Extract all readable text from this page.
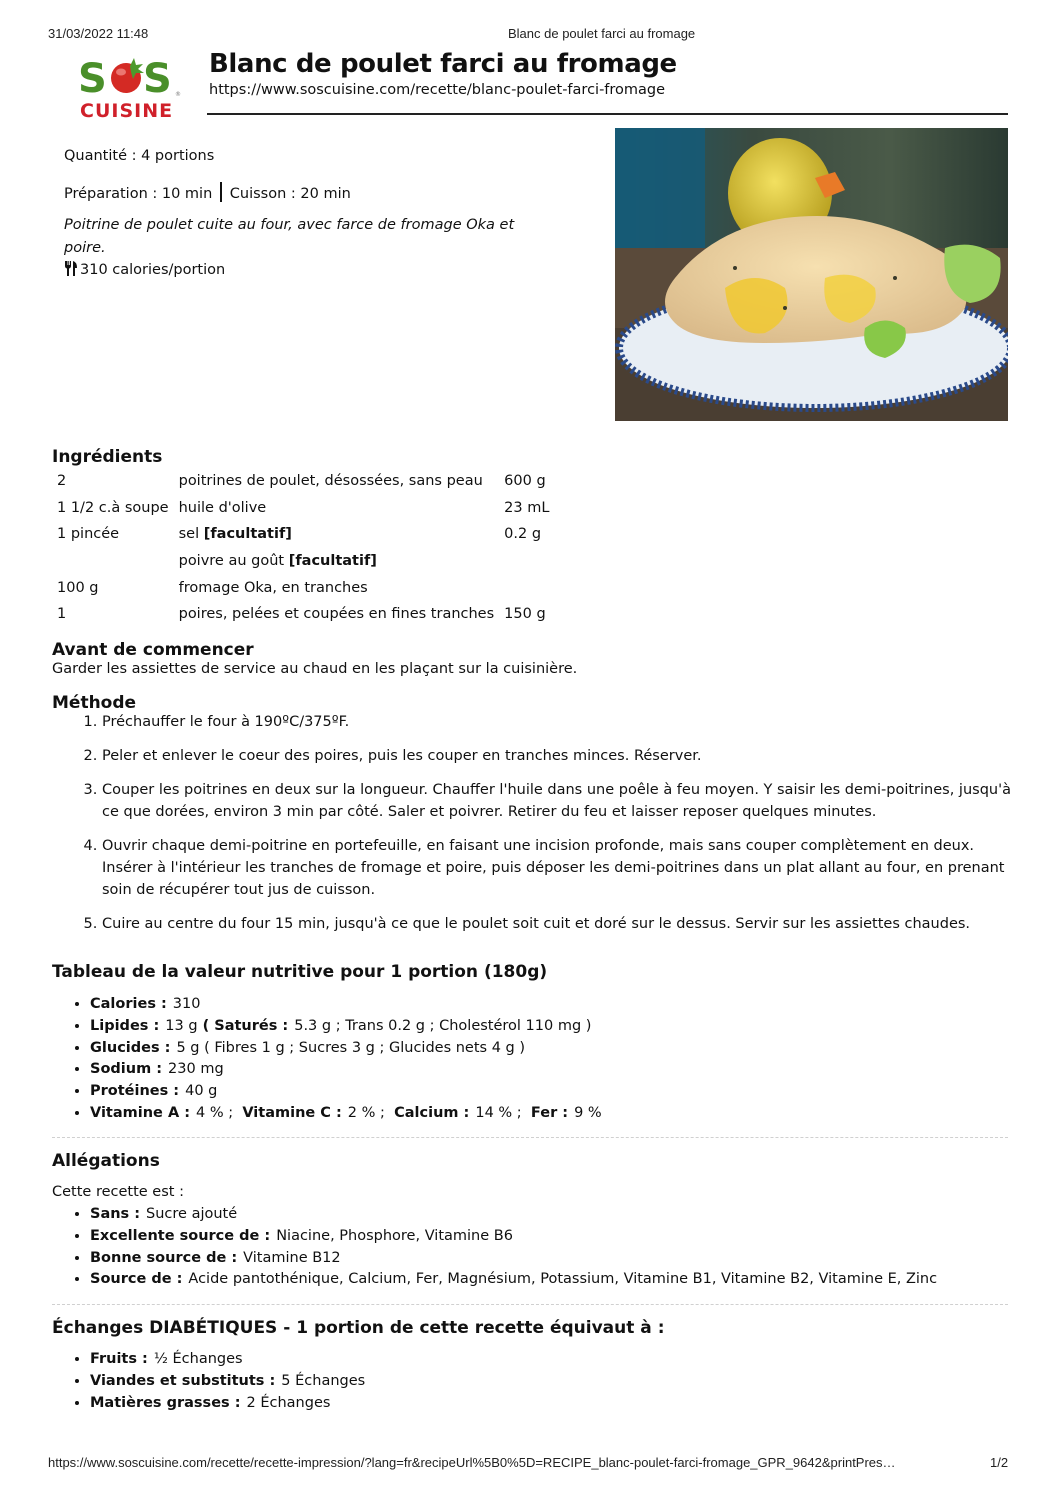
31/03/2022 11:48	Blanc de poulet farci au fromage
S S ®
CUISINE
Blanc de poulet farci au fromage
https://www.soscuisine.com/recette/blanc-poulet-farci-fromage
Quantité : 4 portions
Préparation : 10 min Cuisson : 20 min
Poitrine de poulet cuite au four, avec farce de fromage Oka et poire.
310 calories/portion
Ingrédients
2	poitrines de poulet, désossées, sans peau	600 g
1 1/2 c.à soupe	huile d'olive	23 mL
1 pincée	sel [facultatif]	0.2 g
	poivre au goût [facultatif]	
100 g	fromage Oka, en tranches	
1	poires, pelées et coupées en fines tranches	150 g
Avant de commencer
Garder les assiettes de service au chaud en les plaçant sur la cuisinière.
Méthode
1. Préchauffer le four à 190ºC/375ºF.
2. Peler et enlever le coeur des poires, puis les couper en tranches minces. Réserver.
3. Couper les poitrines en deux sur la longueur. Chauffer l'huile dans une poêle à feu moyen. Y saisir les demi-poitrines, jusqu'à ce que dorées, environ 3 min par côté. Saler et poivrer. Retirer du feu et laisser reposer quelques minutes.
4. Ouvrir chaque demi-poitrine en portefeuille, en faisant une incision profonde, mais sans couper complètement en deux. Insérer à l'intérieur les tranches de fromage et poire, puis déposer les demi-poitrines dans un plat allant au four, en prenant soin de récupérer tout jus de cuisson.
5. Cuire au centre du four 15 min, jusqu'à ce que le poulet soit cuit et doré sur le dessus. Servir sur les assiettes chaudes.
Tableau de la valeur nutritive pour 1 portion (180g)
• Calories : 310
• Lipides : 13 g ( Saturés : 5.3 g ; Trans 0.2 g ; Cholestérol 110 mg )
• Glucides : 5 g ( Fibres 1 g ; Sucres 3 g ; Glucides nets 4 g )
• Sodium : 230 mg
• Protéines : 40 g
• Vitamine A : 4 % ; Vitamine C : 2 % ; Calcium : 14 % ; Fer : 9 %
Allégations
Cette recette est :
• Sans : Sucre ajouté
• Excellente source de : Niacine, Phosphore, Vitamine B6
• Bonne source de : Vitamine B12
• Source de : Acide pantothénique, Calcium, Fer, Magnésium, Potassium, Vitamine B1, Vitamine B2, Vitamine E, Zinc
Échanges DIABÉTIQUES - 1 portion de cette recette équivaut à :
• Fruits : ½ Échanges
• Viandes et substituts : 5 Échanges
• Matières grasses : 2 Échanges
https://www.soscuisine.com/recette/recette-impression/?lang=fr&recipeUrl%5B0%5D=RECIPE_blanc-poulet-farci-fromage_GPR_9642&printPres…	1/2
